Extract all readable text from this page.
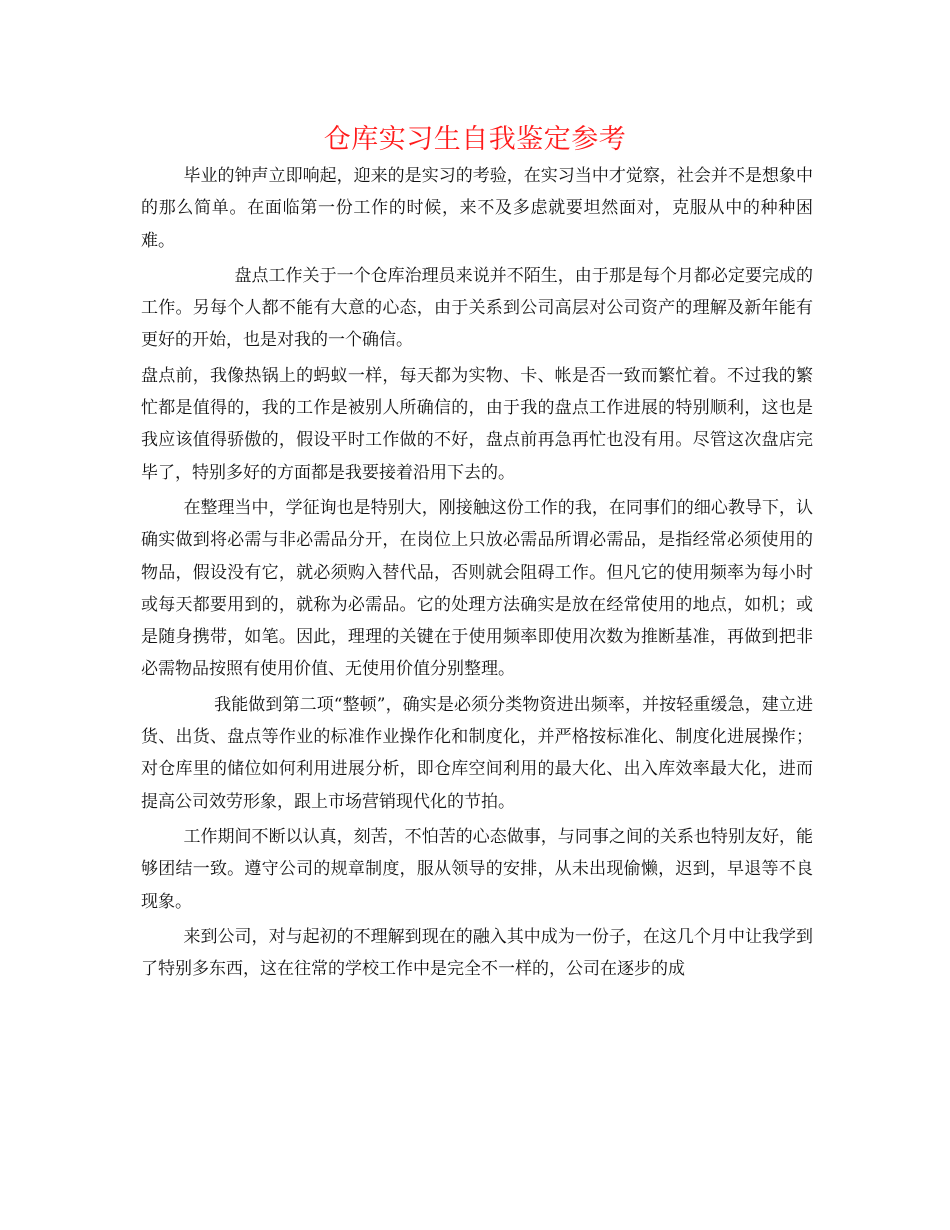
仓库实习生自我鉴定参考

毕业的钟声立即响起，迎来的是实习的考验，在实习当中才觉察，社会并不是想象中的那么简单。在面临第一份工作的时候，来不及多虑就要坦然面对，克服从中的种种困难。

盘点工作关于一个仓库治理员来说并不陌生，由于那是每个月都必定要完成的工作。另每个人都不能有大意的心态，由于关系到公司高层对公司资产的理解及新年能有更好的开始，也是对我的一个确信。

盘点前，我像热锅上的蚂蚁一样，每天都为实物、卡、帐是否一致而繁忙着。不过我的繁忙都是值得的，我的工作是被别人所确信的，由于我的盘点工作进展的特别顺利，这也是我应该值得骄傲的，假设平时工作做的不好，盘点前再急再忙也没有用。尽管这次盘店完毕了，特别多好的方面都是我要接着沿用下去的。

在整理当中，学征询也是特别大，刚接触这份工作的我，在同事们的细心教导下，认确实做到将必需与非必需品分开，在岗位上只放必需品所谓必需品，是指经常必须使用的物品，假设没有它，就必须购入替代品，否则就会阻碍工作。但凡它的使用频率为每小时或每天都要用到的，就称为必需品。它的处理方法确实是放在经常使用的地点，如机；或是随身携带，如笔。因此，理理的关键在于使用频率即使用次数为推断基准，再做到把非必需物品按照有使用价值、无使用价值分别整理。

我能做到第二项“整顿”，确实是必须分类物资进出频率，并按轻重缓急，建立进货、出货、盘点等作业的标准作业操作化和制度化，并严格按标准化、制度化进展操作；对仓库里的储位如何利用进展分析，即仓库空间利用的最大化、出入库效率最大化，进而提高公司效劳形象，跟上市场营销现代化的节拍。

工作期间不断以认真，刻苦，不怕苦的心态做事，与同事之间的关系也特别友好，能够团结一致。遵守公司的规章制度，服从领导的安排，从未出现偷懒，迟到，早退等不良现象。

来到公司，对与起初的不理解到现在的融入其中成为一份子，在这几个月中让我学到了特别多东西，这在往常的学校工作中是完全不一样的，公司在逐步的成
